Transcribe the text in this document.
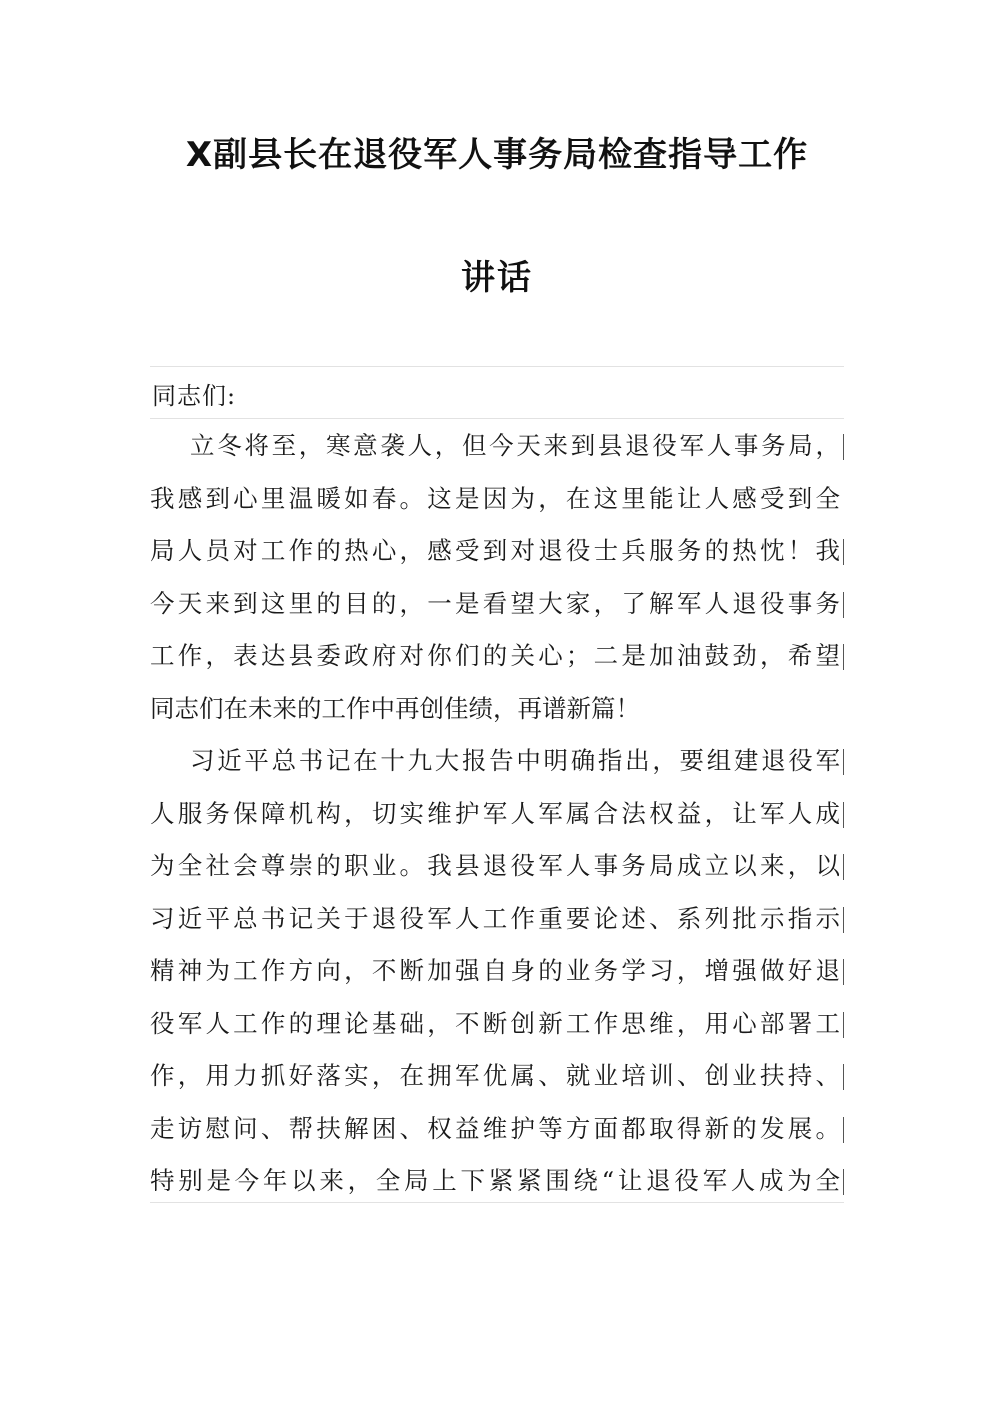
X副县长在退役军人事务局检查指导工作
讲话
同志们:
立冬将至，寒意袭人，但今天来到县退役军人事务局，
我感到心里温暖如春。这是因为，在这里能让人感受到全
局人员对工作的热心，感受到对退役士兵服务的热忱！我
今天来到这里的目的，一是看望大家，了解军人退役事务
工作，表达县委政府对你们的关心；二是加油鼓劲，希望
同志们在未来的工作中再创佳绩，再谱新篇！
习近平总书记在十九大报告中明确指出，要组建退役军
人服务保障机构，切实维护军人军属合法权益，让军人成
为全社会尊崇的职业。我县退役军人事务局成立以来，以
习近平总书记关于退役军人工作重要论述、系列批示指示
精神为工作方向，不断加强自身的业务学习，增强做好退
役军人工作的理论基础，不断创新工作思维，用心部署工
作，用力抓好落实，在拥军优属、就业培训、创业扶持、
走访慰问、帮扶解困、权益维护等方面都取得新的发展。
特别是今年以来，全局上下紧紧围绕“让退役军人成为全
